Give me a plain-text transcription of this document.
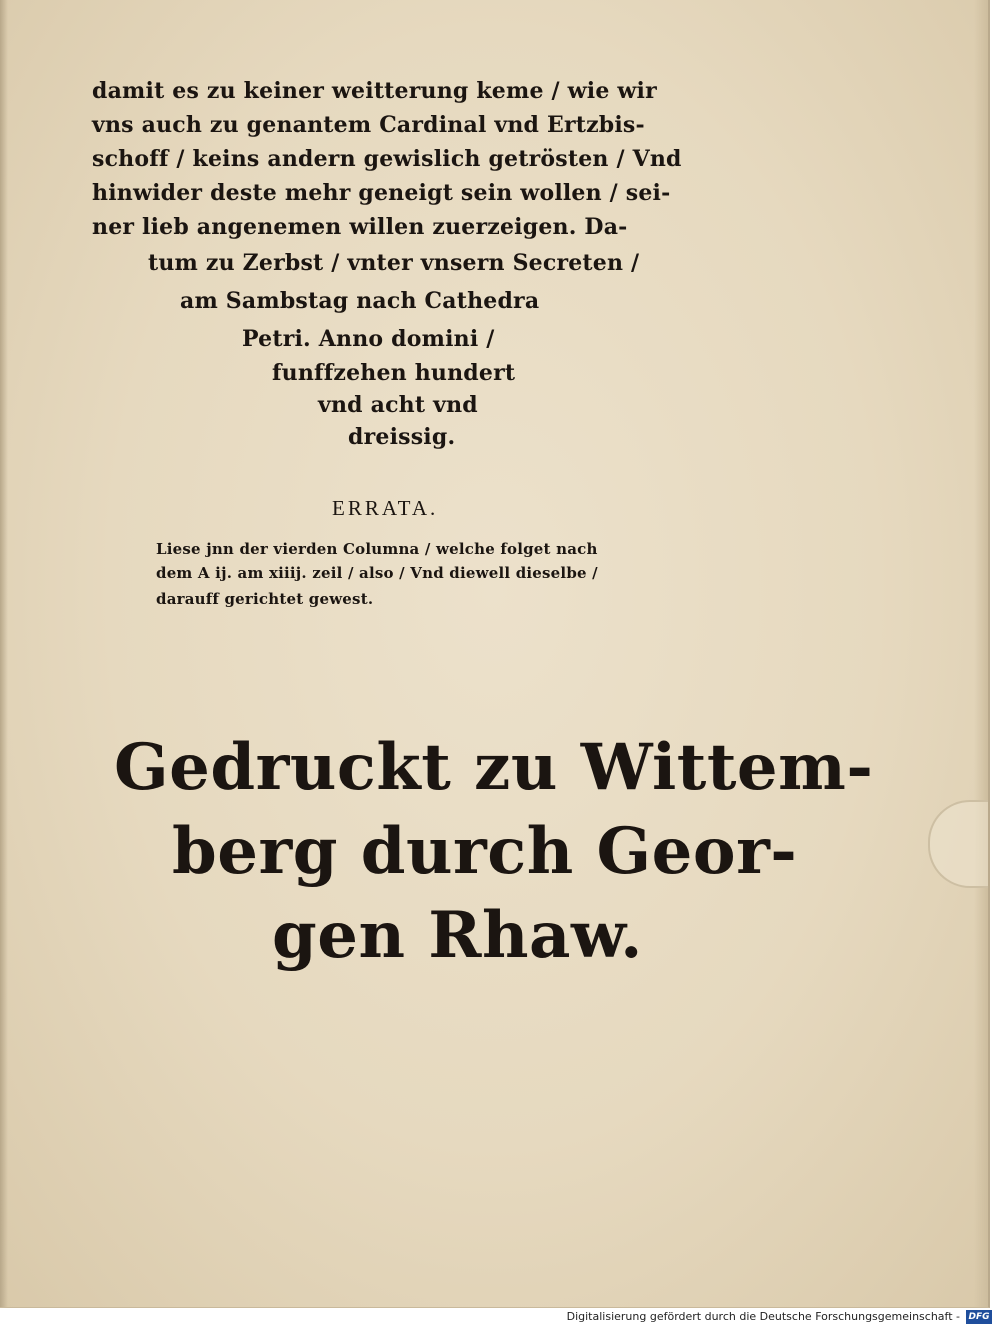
damit es zu keiner weitterung keme / wie wir
vns auch zu genantem Cardinal vnd Ertzbis-
schoff / keins andern gewislich getrösten / Vnd
hinwider deste mehr geneigt sein wollen / sei-
ner lieb angenemen willen zuerzeigen. Da-
tum zu Zerbst / vnter vnsern Secreten /
am Sambstag nach Cathedra
Petri. Anno domini /
funffzehen hundert
vnd acht vnd
dreissig.
ERRATA.
Liese jnn der vierden Columna / welche folget nach
dem A ij. am xiiij. zeil / also / Vnd diewell dieselbe /
darauff gerichtet gewest.
Gedruckt zu Wittem-
berg durch Geor-
gen Rhaw.
Digitalisierung gefördert durch die Deutsche Forschungsgemeinschaft - DFG
